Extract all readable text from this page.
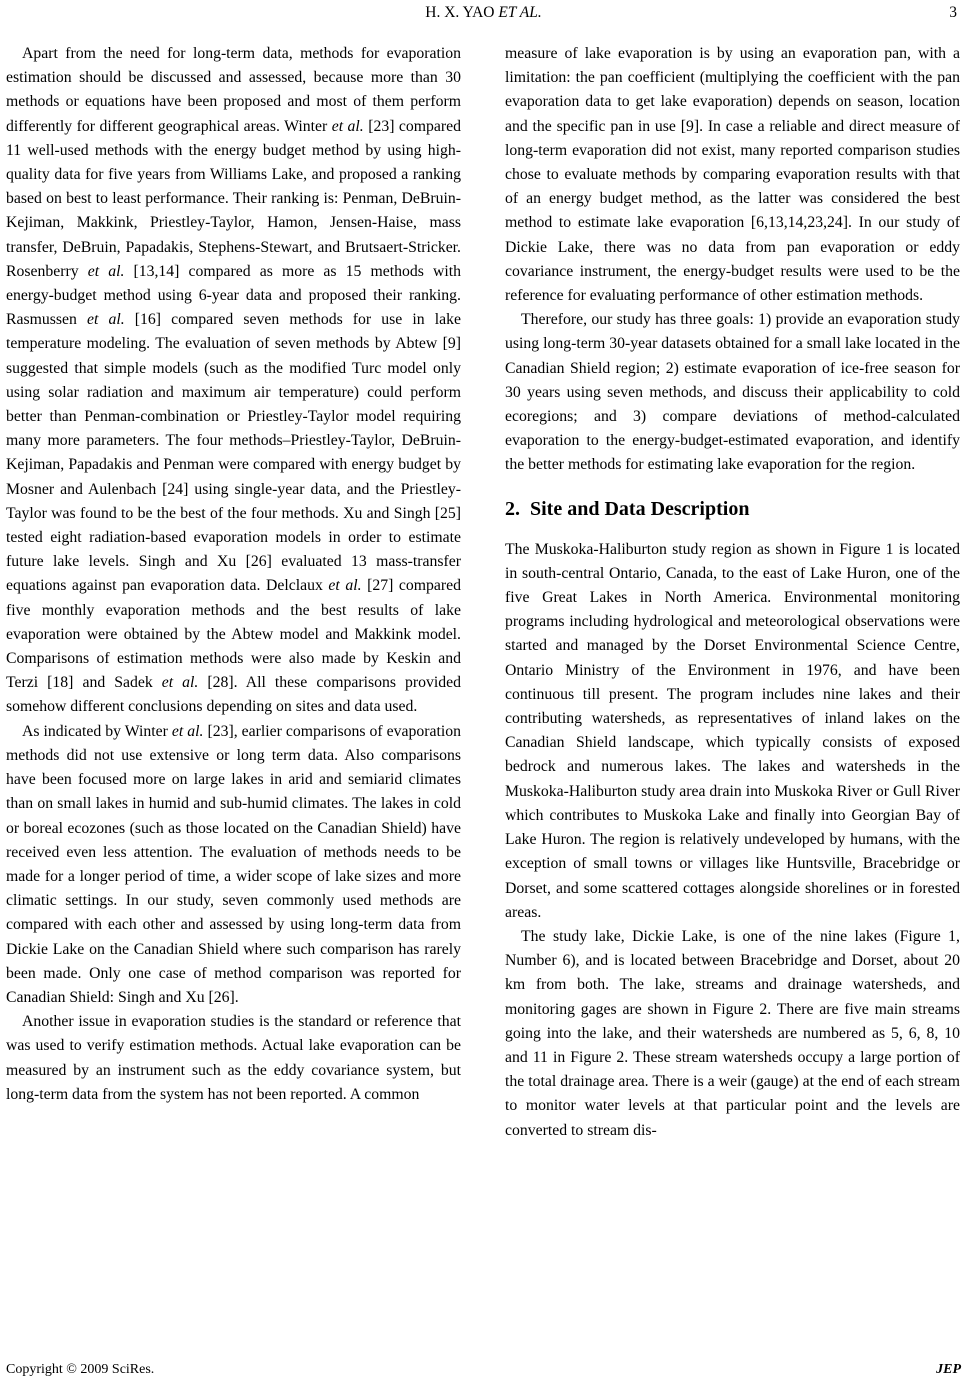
H. X. YAO ET AL.	3

Apart from the need for long-term data, methods for evaporation estimation should be discussed and assessed, because more than 30 methods or equations have been proposed and most of them perform differently for different geographical areas. Winter et al. [23] compared 11 well-used methods with the energy budget method by using high-quality data for five years from Williams Lake, and proposed a ranking based on best to least performance. Their ranking is: Penman, DeBruin-Kejiman, Makkink, Priestley-Taylor, Hamon, Jensen-Haise, mass transfer, DeBruin, Papadakis, Stephens-Stewart, and Brutsaert-Stricker. Rosenberry et al. [13,14] compared as more as 15 methods with energy-budget method using 6-year data and proposed their ranking. Rasmussen et al. [16] compared seven methods for use in lake temperature modeling. The evaluation of seven methods by Abtew [9] suggested that simple models (such as the modified Turc model only using solar radiation and maximum air temperature) could perform better than Penman-combination or Priestley-Taylor model requiring many more parameters. The four methods–Priestley-Taylor, DeBruin-Kejiman, Papadakis and Penman were compared with energy budget by Mosner and Aulenbach [24] using single-year data, and the Priestley-Taylor was found to be the best of the four methods. Xu and Singh [25] tested eight radiation-based evaporation models in order to estimate future lake levels. Singh and Xu [26] evaluated 13 mass-transfer equations against pan evaporation data. Delclaux et al. [27] compared five monthly evaporation methods and the best results of lake evaporation were obtained by the Abtew model and Makkink model. Comparisons of estimation methods were also made by Keskin and Terzi [18] and Sadek et al. [28]. All these comparisons provided somehow different conclusions depending on sites and data used.

As indicated by Winter et al. [23], earlier comparisons of evaporation methods did not use extensive or long term data. Also comparisons have been focused more on large lakes in arid and semiarid climates than on small lakes in humid and sub-humid climates. The lakes in cold or boreal ecozones (such as those located on the Canadian Shield) have received even less attention. The evaluation of methods needs to be made for a longer period of time, a wider scope of lake sizes and more climatic settings. In our study, seven commonly used methods are compared with each other and assessed by using long-term data from Dickie Lake on the Canadian Shield where such comparison has rarely been made. Only one case of method comparison was reported for Canadian Shield: Singh and Xu [26].

Another issue in evaporation studies is the standard or reference that was used to verify estimation methods. Actual lake evaporation can be measured by an instrument such as the eddy covariance system, but long-term data from the system has not been reported. A common

measure of lake evaporation is by using an evaporation pan, with a limitation: the pan coefficient (multiplying the coefficient with the pan evaporation data to get lake evaporation) depends on season, location and the specific pan in use [9]. In case a reliable and direct measure of long-term evaporation did not exist, many reported comparison studies chose to evaluate methods by comparing evaporation results with that of an energy budget method, as the latter was considered the best method to estimate lake evaporation [6,13,14,23,24]. In our study of Dickie Lake, there was no data from pan evaporation or eddy covariance instrument, the energy-budget results were used to be the reference for evaluating performance of other estimation methods.

Therefore, our study has three goals: 1) provide an evaporation study using long-term 30-year datasets obtained for a small lake located in the Canadian Shield region; 2) estimate evaporation of ice-free season for 30 years using seven methods, and discuss their applicability to cold ecoregions; and 3) compare deviations of method-calculated evaporation to the energy-budget-estimated evaporation, and identify the better methods for estimating lake evaporation for the region.

2. Site and Data Description

The Muskoka-Haliburton study region as shown in Figure 1 is located in south-central Ontario, Canada, to the east of Lake Huron, one of the five Great Lakes in North America. Environmental monitoring programs including hydrological and meteorological observations were started and managed by the Dorset Environmental Science Centre, Ontario Ministry of the Environment in 1976, and have been continuous till present. The program includes nine lakes and their contributing watersheds, as representatives of inland lakes on the Canadian Shield landscape, which typically consists of exposed bedrock and numerous lakes. The lakes and watersheds in the Muskoka-Haliburton study area drain into Muskoka River or Gull River which contributes to Muskoka Lake and finally into Georgian Bay of Lake Huron. The region is relatively undeveloped by humans, with the exception of small towns or villages like Huntsville, Bracebridge or Dorset, and some scattered cottages alongside shorelines or in forested areas.

The study lake, Dickie Lake, is one of the nine lakes (Figure 1, Number 6), and is located between Bracebridge and Dorset, about 20 km from both. The lake, streams and drainage watersheds, and monitoring gages are shown in Figure 2. There are five main streams going into the lake, and their watersheds are numbered as 5, 6, 8, 10 and 11 in Figure 2. These stream watersheds occupy a large portion of the total drainage area. There is a weir (gauge) at the end of each stream to monitor water levels at that particular point and the levels are converted to stream dis-

Copyright © 2009 SciRes.	JEP
